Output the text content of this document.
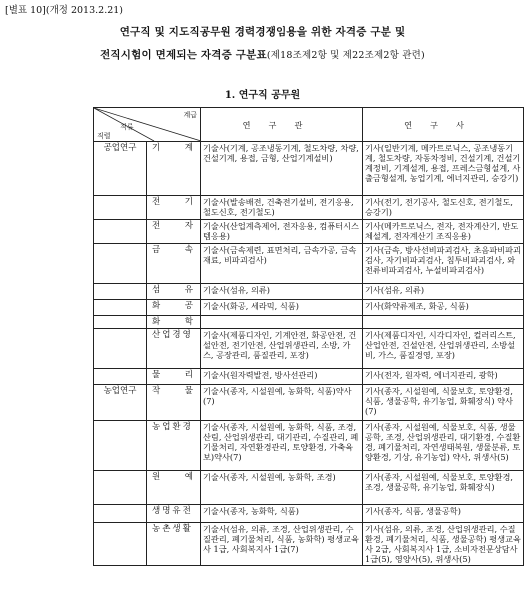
[별표 10](개정 2013.2.21)
연구직 및 지도직공무원 경력경쟁임용을 위한 자격증 구분 및
전직시험이 면제되는 자격증 구분표(제18조제2항 및 제22조제2항 관련)
1. 연구직 공무원
계급
직류
직렬		연구관	연구사
공업연구	기 계	기술사(기계, 공조냉동기계, 철도차량, 차량, 건설기계, 용접, 금형, 산업기계설비)	기사(일반기계, 메카트로닉스, 공조냉동기계, 철도차량, 자동차정비, 건설기계, 건설기계정비, 기계설계, 용접, 프레스금형설계, 사출금형설계, 농업기계, 에너지관리, 승강기)

	전 기	기술사(발송배전, 건축전기설비, 전기응용, 철도신호, 전기철도)	기사(전기, 전기공사, 철도신호, 전기철도, 승강기)

	전 자	기술사(산업계측제어, 전자응용, 컴퓨터시스템응용)	기사(메카트로닉스, 전자, 전자계산기, 반도체설계, 전자계산기 조직응용)

	금 속	기술사(금속제련, 표면처리, 금속가공, 금속재료, 비파괴검사)	기사(금속, 방사선비파괴검사, 초음파비파괴검사, 자기비파괴검사, 침투비파괴검사, 와전류비파괴검사, 누설비파괴검사)

	섬 유	기술사(섬유, 의류)	기사(섬유, 의류)

	화 공	기술사(화공, 세라믹, 식품)	기사(화약류제조, 화공, 식품)

	화 학		

	산업경영	기술사(제품디자인, 기계안전, 화공안전, 건설안전, 전기안전, 산업위생관리, 소방, 가스, 공장관리, 품질관리, 포장)	기사(제품디자인, 시각디자인, 컬러리스트, 산업안전, 건설안전, 산업위생관리, 소방설비, 가스, 품질경영, 포장)

	물 리	기술사(원자력발전, 방사선관리)	기사(전자, 원자력, 에너지관리, 광학)
농업연구	작 물	기술사(종자, 시설원예, 농화학, 식품)약사(7)	기사(종자, 시설원예, 식물보호, 토양환경, 식품, 생물공학, 유기농업, 화훼장식) 약사(7)

	농업환경	기술사(종자, 시설원예, 농화학, 식품, 조경, 산림, 산업위생관리, 대기관리, 수질관리, 폐기물처리, 자연환경관리, 토양환경, 가축육보)약사(7)	기사(종자, 시설원예, 식물보호, 식품, 생물공학, 조경, 산업위생관리, 대기환경, 수질환경, 폐기물처리, 자연생태복원, 생물분류, 토양환경, 기상, 유기농업) 약사, 위생사(5)

	원 예	기술사(종자, 시설원예, 농화학, 조경)	기사(종자, 시설원예, 식물보호, 토양환경, 조경, 생물공학, 유기농업, 화훼장식)

	생명유전	기술사(종자, 농화학, 식품)	기사(종자, 식품, 생물공학)

	농촌생활	기술사(섬유, 의류, 조경, 산업위생관리, 수질관리, 폐기물처리, 식품, 농화학) 평생교육사 1급, 사회복지사 1급(7)	기사(섬유, 의류, 조경, 산업위생관리, 수질환경, 폐기물처리, 식품, 생물공학) 평생교육사 2급, 사회복지사 1급, 소비자전문상담사 1급(5), 영양사(5), 위생사(5)
